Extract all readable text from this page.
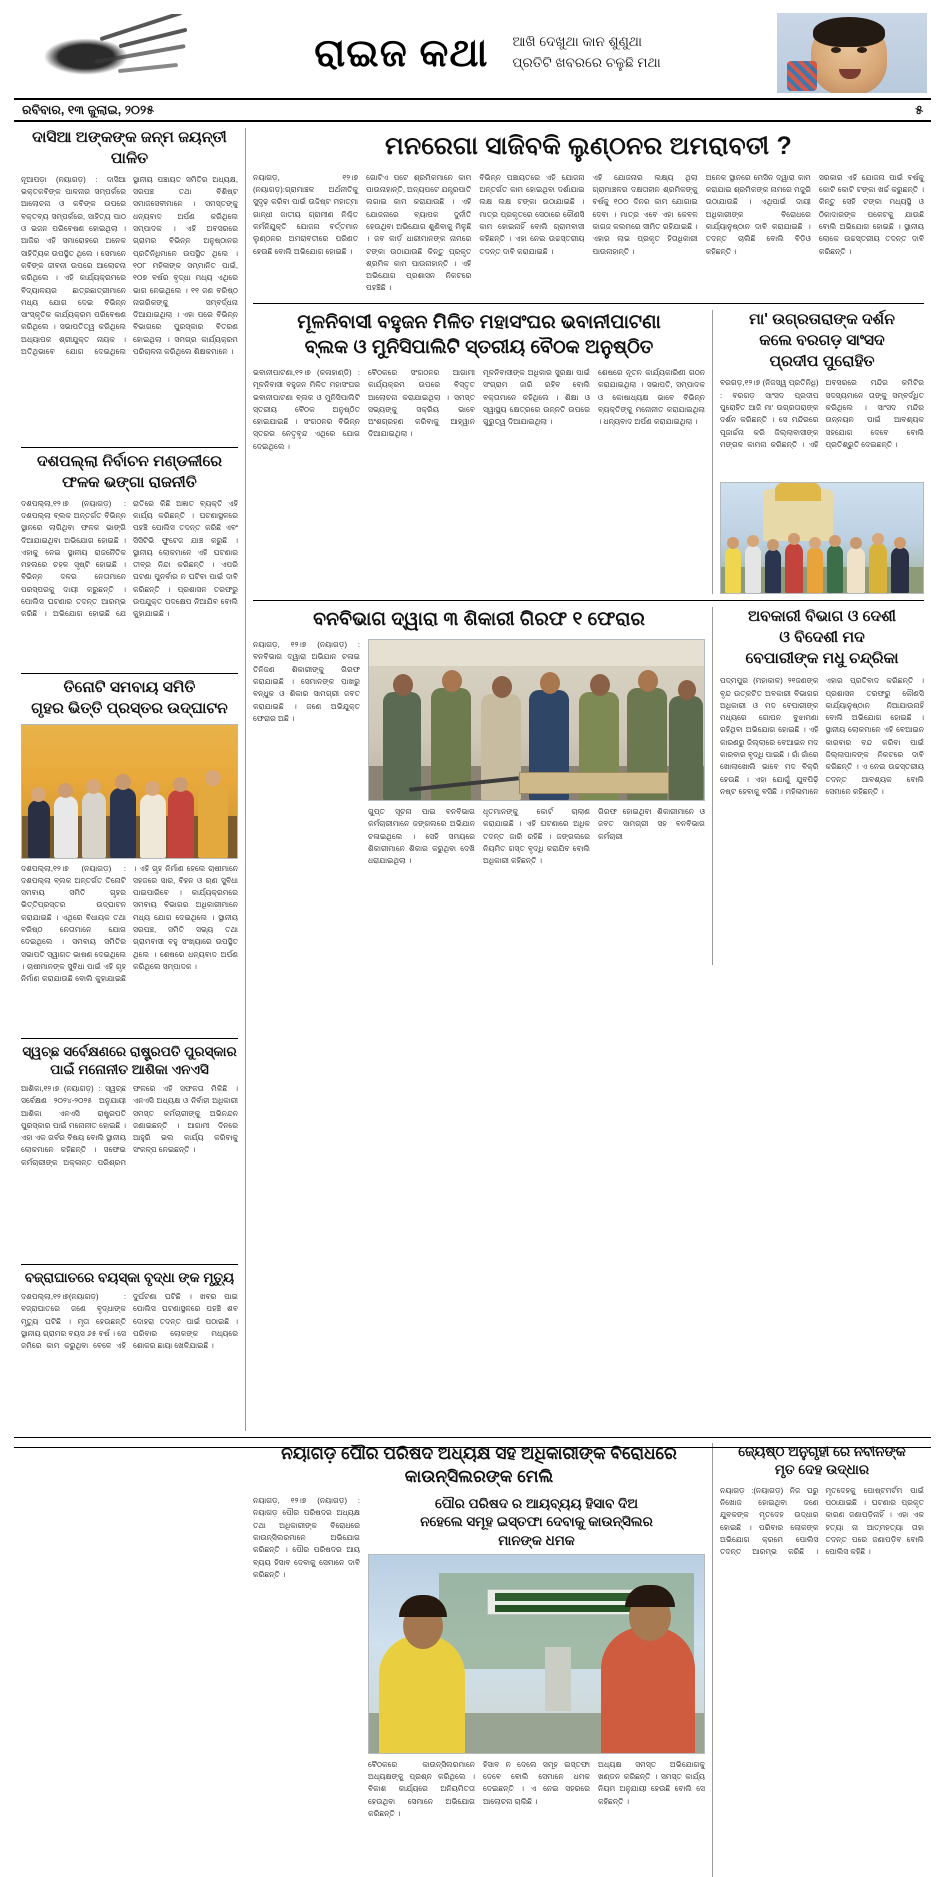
ରାଇଜ କଥା ଆଖି ଦେଖୁଥା କାନ ଶୁଣୁଥା
ପ୍ରତିଟି ଖବରରେ ଚଳୁଛି ମଥା
ରବିବାର, ୧୩ ଜୁଲାଇ, ୨୦୨୫	୫
ଦାସିଆ ଅଙ୍କଙ୍କ ଜନ୍ମ ଜୟନ୍ତୀ ପାଳିତ
ନୂଆପଡ଼ା (ନୟାଗଡ଼) : ଦାସିଆ ଭକ୍ତକବିଙ୍କ ପାଳନାର ସମ୍ପର୍କରେ ଆଲୋଚନା ଓ କବିଙ୍କ ଉପରେ ବକ୍ତବ୍ୟ ସମ୍ପର୍କରେ, ସାହିତ୍ୟ ପାଠ ଓ ଭଜନ ପରିବେଷଣ ହୋଇଥିଲା । ଆଜିର ଏହି ସମାରୋହରେ ଅନେକ ସାହିତ୍ୟିକ ଉପସ୍ଥିତ ଥିଲେ । ସେମାନେ କବିଙ୍କ ଜୀବନୀ ଉପରେ ଆଲୋଚନା କରିଥିଲେ । ଏହି କାର୍ଯ୍ୟକ୍ରମରେ ବିଦ୍ୟାଳୟର ଛାତ୍ରଛାତ୍ରୀମାନେ ମଧ୍ୟ ଯୋଗ ଦେଇ ବିଭିନ୍ନ ସାଂସ୍କୃତିକ କାର୍ଯ୍ୟକ୍ରମ ପରିବେଷଣ କରିଥିଲେ । ସଭାପତିତ୍ୱ କରିଥିଲେ ଅଧ୍ୟାପକ ଶ୍ରୀଯୁକ୍ତ ନାୟକ । ଅତିଥିଭାବେ ଯୋଗ ଦେଇଥିଲେ ସ୍ଥାନୀୟ ପଞ୍ଚାୟତ ସମିତିର ଅଧ୍ୟକ୍ଷ, ସରପଞ୍ଚ ତଥା ବିଶିଷ୍ଟ ସମାଜସେବୀମାନେ । ସମସ୍ତଙ୍କୁ ଧନ୍ୟବାଦ ଅର୍ପଣ କରିଥିଲେ ସମ୍ପାଦକ । ଏହି ଅବସରରେ ଗ୍ରାମର ବିଭିନ୍ନ ଅନୁଷ୍ଠାନର ପ୍ରତିନିଧିମାନେ ଉପସ୍ଥିତ ଥିଲେ । ୧୦୮ ମହିଳାଙ୍କ ସମ୍ମାନିତ ପାଇଁ, ୧୦୭ ବର୍ଷର ବୃଦ୍ଧା ମଧ୍ୟ ଏଥିରେ ଭାଗ ନେଇଥିଲେ । ୧୧ ଜଣ ବରିଷ୍ଠ ନାଗରିକଙ୍କୁ ସମ୍ବର୍ଦ୍ଧନା ଦିଆଯାଇଥିଲା । ଏହା ପରେ ବିଭିନ୍ନ ବିଭାଗରେ ପୁରସ୍କାର ବିତରଣ ହୋଇଥିଲା । ସମଗ୍ର କାର୍ଯ୍ୟକ୍ରମ ପରିଚାଳନା କରିଥିଲେ ଶିକ୍ଷକମାନେ ।
ଦଶପଲ୍ଲା ନିର୍ବାଚନ ମଣ୍ଡଳୀରେ
ଫଳକ ଭଙ୍ଗା ରାଜନୀତି
ଦଶପଲ୍ଲା,୧୨।୭ (ନୟାଗଡ଼) : ଦଶପଲ୍ଲା ବ୍ଲକ ଅନ୍ତର୍ଗତ ବିଭିନ୍ନ ସ୍ଥାନରେ ଲାଗିଥିବା ଫଳକ ଭାଙ୍ଗି ଦିଆଯାଇଥିବା ଅଭିଯୋଗ ହୋଇଛି । ଏହାକୁ ନେଇ ସ୍ଥାନୀୟ ରାଜନୈତିକ ମହଲରେ ଚହଳ ସୃଷ୍ଟି ହୋଇଛି । ବିଭିନ୍ନ ଦଳର ନେତାମାନେ ପରସ୍ପରକୁ ଦାୟୀ କରୁଛନ୍ତି । ପୋଲିସ ଘଟଣାର ତଦନ୍ତ ଆରମ୍ଭ କରିଛି । ଅଭିଯୋଗ ହୋଇଛି ଯେ ରାତିରେ କିଛି ଅଜ୍ଞାତ ବ୍ୟକ୍ତି ଏହି କାର୍ଯ୍ୟ କରିଛନ୍ତି । ଘଟଣାସ୍ଥଳରେ ପହଞ୍ଚି ପୋଲିସ ତଦନ୍ତ କରିଛି ଏବଂ ସିସିଟିଭି ଫୁଟେଜ ଯାଞ୍ଚ କରୁଛି । ସ୍ଥାନୀୟ ଲୋକମାନେ ଏହି ଘଟଣାର ତୀବ୍ର ନିନ୍ଦା କରିଛନ୍ତି । ଏପରି ଘଟଣା ପୁନର୍ବାର ନ ଘଟିବା ପାଇଁ ଦାବି କରିଛନ୍ତି । ପ୍ରଶାସନ ତରଫରୁ ଉପଯୁକ୍ତ ପଦକ୍ଷେପ ନିଆଯିବ ବୋଲି କୁହାଯାଇଛି ।
ତିନୋଟି ସମବାୟ ସମିତି
ଗୃହର ଭିତ୍ତି ପ୍ରସ୍ତର ଉଦ୍‌ଘାଟନ
ଦଶପଲ୍ଲା,୧୨।୭ (ନୟାଗଡ଼) : ଦଶପଲ୍ଲା ବ୍ଲକ ଅନ୍ତର୍ଗତ ତିନୋଟି ସମବାୟ ସମିତି ଗୃହର ଭିତ୍ତିପ୍ରସ୍ତର ଉଦ୍‌ଘାଟନ କରାଯାଇଛି । ଏଥିରେ ବିଧାୟକ ତଥା ବରିଷ୍ଠ ନେତାମାନେ ଯୋଗ ଦେଇଥିଲେ । ସମବାୟ ସମିତିର ସଭାପତି ସ୍ୱାଗତ ଭାଷଣ ଦେଇଥିଲେ । ଚାଷୀମାନଙ୍କ ସୁବିଧା ପାଇଁ ଏହି ଗୃହ ନିର୍ମାଣ କରାଯାଉଛି ବୋଲି କୁହାଯାଇଛି । ଏହି ଗୃହ ନିର୍ମାଣ ହେଲେ ଚାଷୀମାନେ ସହଜରେ ସାର, ବିହନ ଓ ଋଣ ସୁବିଧା ପାଇପାରିବେ । କାର୍ଯ୍ୟକ୍ରମରେ ସମବାୟ ବିଭାଗର ଅଧିକାରୀମାନେ ମଧ୍ୟ ଯୋଗ ଦେଇଥିଲେ । ସ୍ଥାନୀୟ ସରପଞ୍ଚ, ସମିତି ସଭ୍ୟ ତଥା ଗ୍ରାମବାସୀ ବହୁ ସଂଖ୍ୟାରେ ଉପସ୍ଥିତ ଥିଲେ । ଶେଷରେ ଧନ୍ୟବାଦ ଅର୍ପଣ କରିଥିଲେ ସମ୍ପାଦକ ।
ସ୍ୱଚ୍ଛ ସର୍ବେକ୍ଷଣରେ ରାଷ୍ଟ୍ରପତି ପୁରସ୍କାର
ପାଇଁ ମନୋନୀତ ଆଶିକା ଏନଏସି
ଆଶିକା,୧୨।୭ (ନୟାଗଡ଼) : ସ୍ୱଚ୍ଛ ସର୍ବେକ୍ଷଣ ୨୦୨୪-୨୦୨୫ ଅନୁଯାୟୀ ଆଶିକା ଏନଏସି ରାଷ୍ଟ୍ରପତି ପୁରସ୍କାର ପାଇଁ ମନୋନୀତ ହୋଇଛି । ଏହା ଏକ ଗର୍ବର ବିଷୟ ବୋଲି ସ୍ଥାନୀୟ ଲୋକମାନେ କହିଛନ୍ତି । ସଫେଇ କର୍ମଚାରୀଙ୍କ ଅକ୍ଳାନ୍ତ ପରିଶ୍ରମ ଫଳରେ ଏହି ସଫଳତା ମିଳିଛି । ଏନଏସି ଅଧ୍ୟକ୍ଷ ଓ ନିର୍ବାହୀ ଅଧିକାରୀ ସମସ୍ତ କର୍ମଚାରୀଙ୍କୁ ଅଭିନନ୍ଦନ ଜଣାଇଛନ୍ତି । ଆଗାମୀ ଦିନରେ ଆହୁରି ଭଲ କାର୍ଯ୍ୟ କରିବାକୁ ସଂକଳ୍ପ ନେଇଛନ୍ତି ।
ବଜ୍ରାଘାତରେ ବୟସ୍କା ବୃଦ୍ଧା ଙ୍କ ମୃତ୍ୟୁ
ଦଶପଲ୍ଲା,୧୨।୭(ନୟାଗଡ଼) : ବଜ୍ରାଘାତରେ ଜଣେ ବୃଦ୍ଧାଙ୍କ ମୃତ୍ୟୁ ଘଟିଛି । ମୃତା ହେଉଛନ୍ତି ସ୍ଥାନୀୟ ଗ୍ରାମର ବୟସ ୬୫ ବର୍ଷ । ସେ ଜମିରେ କାମ କରୁଥିବା ବେଳେ ଏହି ଦୁର୍ଘଟଣା ଘଟିଛି । ଖବର ପାଇ ପୋଲିସ ଘଟଣାସ୍ଥଳରେ ପହଞ୍ଚି ଶବ ଦୋହରା ତଦନ୍ତ ପାଇଁ ପଠାଇଛି । ପରିବାର ଲୋକଙ୍କ ମଧ୍ୟରେ ଶୋକର ଛାୟା ଖେଳିଯାଇଛି ।
ମନରେଗା ସାଜିବକି ଲୁଣ୍ଠନର ଅମରାବତୀ ?
ନୟାଗଡ଼, ୧୨।୭ (ନୟାଗଡ଼):ଗ୍ରାମାଞ୍ଚଳ ଅର୍ଥନୀତିକୁ ସୁଦୃଢ଼ କରିବା ପାଇଁ ଉଦ୍ଦିଷ୍ଟ ମହାତ୍ମା ଗାନ୍ଧୀ ଜାତୀୟ ଗ୍ରାମୀଣ ନିଶ୍ଚିତ କର୍ମନିଯୁକ୍ତି ଯୋଜନା ବର୍ତ୍ତମାନ ଲୁଣ୍ଠନର ଅମରାବତୀରେ ପରିଣତ ହେଉଛି ବୋଲି ଅଭିଯୋଗ ହୋଇଛି ।
ଗୋଟିଏ ପଟେ ଶ୍ରମିକମାନେ କାମ ପାଉନାହାନ୍ତି, ଅନ୍ୟପଟେ ଯନ୍ତ୍ରପାତି ଲଗାଇ କାମ କରାଯାଉଛି । ଏହି ଯୋଜନାରେ ବ୍ୟାପକ ଦୁର୍ନୀତି ହେଉଥିବା ଅଭିଯୋଗ ଶୁଣିବାକୁ ମିଳୁଛି । ଜବ କାର୍ଡ଼ ଧାରୀମାନଙ୍କ ନାମରେ ଟଙ୍କା ଉଠାଯାଉଛି କିନ୍ତୁ ପ୍ରକୃତ ଶ୍ରମିକ କାମ ପାଉନାହାନ୍ତି । ଏହି ଅଭିଯୋଗ ପ୍ରଶାସନ ନିକଟରେ ପହଞ୍ଚିଛି ।
ବିଭିନ୍ନ ପଞ୍ଚାୟତରେ ଏହି ଯୋଜନା ଅନ୍ତର୍ଗତ କାମ ହୋଇଥିବା ଦର୍ଶାଯାଇ ଲକ୍ଷ ଲକ୍ଷ ଟଙ୍କା ଉଠାଯାଇଛି । ମାତ୍ର ପ୍ରକୃତରେ ସେଠାରେ କୌଣସି କାମ ହୋଇନାହିଁ ବୋଲି ଗ୍ରାମବାସୀ କହିଛନ୍ତି । ଏହା ନେଇ ଉଚ୍ଚସ୍ତରୀୟ ତଦନ୍ତ ଦାବି କରାଯାଇଛି ।
ଏହି ଯୋଜନାର ଲକ୍ଷ୍ୟ ଥିଲା ଗ୍ରାମାଞ୍ଚଳର ଦକ୍ଷତାହୀନ ଶ୍ରମିକଙ୍କୁ ବର୍ଷକୁ ୧୦୦ ଦିନର କାମ ଯୋଗାଇ ଦେବା । ମାତ୍ର ଏବେ ଏହା କେବଳ କାଗଜ କଲମରେ ସୀମିତ ରହିଯାଇଛି । ଏହାର ଲାଭ ପ୍ରକୃତ ହିତାଧିକାରୀ ପାଉନାହାନ୍ତି ।
ଅନେକ ସ୍ଥାନରେ ମେସିନ ଦ୍ୱାରା କାମ କରାଯାଇ ଶ୍ରମିକଙ୍କ ନାମରେ ମଜୁରି ଉଠାଯାଉଛି । ଏଥିପାଇଁ ଦାୟୀ ଅଧିକାରୀଙ୍କ ବିରୋଧରେ କାର୍ଯ୍ୟାନୁଷ୍ଠାନ ଦାବି କରାଯାଇଛି । ତଦନ୍ତ ଚାଲିଛି ବୋଲି ବିଡ଼ିଓ କହିଛନ୍ତି ।
ସରକାର ଏହି ଯୋଜନା ପାଇଁ ବର୍ଷକୁ କୋଟି କୋଟି ଟଙ୍କା ଖର୍ଚ୍ଚ କରୁଛନ୍ତି । କିନ୍ତୁ ସେହି ଟଙ୍କା ମଧ୍ୟସ୍ଥି ଓ ଠିକାଦାରଙ୍କ ପକେଟକୁ ଯାଉଛି ବୋଲି ଅଭିଯୋଗ ହୋଇଛି । ସ୍ଥାନୀୟ ଲୋକେ ଉଚ୍ଚସ୍ତରୀୟ ତଦନ୍ତ ଦାବି କରିଛନ୍ତି ।
ମୂଳନିବାସୀ ବହୁଜନ ମିଳିତ ମହାସଂଘର ଭବାନୀପାଟଣା
ବ୍ଲକ ଓ ମୁନିସିପାଲିଟି ସ୍ତରୀୟ ବୈଠକ ଅନୁଷ୍ଠିତ
ଭବାନୀପାଟଣା,୧୨।୭ (କଳାହାଣ୍ଡି) : ମୂଳନିବାସୀ ବହୁଜନ ମିଳିତ ମହାସଂଘର ଭବାନୀପାଟଣା ବ୍ଲକ ଓ ମୁନିସିପାଲିଟି ସ୍ତରୀୟ ବୈଠକ ଅନୁଷ୍ଠିତ ହୋଇଯାଇଛି । ସଂଗଠନର ବିଭିନ୍ନ ସ୍ତରର ନେତୃବୃନ୍ଦ ଏଥିରେ ଯୋଗ ଦେଇଥିଲେ ।
ବୈଠକରେ ସଂଗଠନର ଆଗାମୀ କାର୍ଯ୍ୟକ୍ରମ ଉପରେ ବିସ୍ତୃତ ଆଲୋଚନା କରାଯାଇଥିଲା । ସମସ୍ତ ସଭ୍ୟଙ୍କୁ ସକ୍ରିୟ ଭାବେ ଅଂଶଗ୍ରହଣ କରିବାକୁ ଆହ୍ୱାନ ଦିଆଯାଇଥିଲା ।
ମୂଳନିବାସୀଙ୍କ ଅଧିକାର ସୁରକ୍ଷା ପାଇଁ ସଂଗ୍ରାମ ଜାରି ରହିବ ବୋଲି ବକ୍ତାମାନେ କହିଥିଲେ । ଶିକ୍ଷା ଓ ସ୍ୱାସ୍ଥ୍ୟ କ୍ଷେତ୍ରରେ ଉନ୍ନତି ଉପରେ ଗୁରୁତ୍ୱ ଦିଆଯାଇଥିଲା ।
ଶେଷରେ ନୂତନ କାର୍ଯ୍ୟକାରିଣୀ ଗଠନ କରାଯାଇଥିଲା । ସଭାପତି, ସମ୍ପାଦକ ଓ କୋଷାଧ୍ୟକ୍ଷ ଭାବେ ବିଭିନ୍ନ ବ୍ୟକ୍ତିଙ୍କୁ ମନୋନୀତ କରାଯାଇଥିଲା । ଧନ୍ୟବାଦ ଅର୍ପଣ କରାଯାଇଥିଲା ।
ମା' ଉଗ୍ରତାରାଙ୍କ ଦର୍ଶନ
କଲେ ବରଗଡ଼ ସାଂସଦ
ପ୍ରଦୀପ ପୁରୋହିତ
ବରଗଡ଼,୧୨।୭ (ନିଜସ୍ୱ ପ୍ରତିନିଧି) : ବରଗଡ଼ ସାଂସଦ ପ୍ରଦୀପ ପୁରୋହିତ ଆଜି ମା' ଉଗ୍ରତାରାଙ୍କ ଦର୍ଶନ କରିଛନ୍ତି । ସେ ମନ୍ଦିରରେ ପୂଜାର୍ଚ୍ଚନା କରି ଜିଲ୍ଲାବାସୀଙ୍କ ମଙ୍ଗଳ କାମନା କରିଛନ୍ତି । ଏହି ଅବସରରେ ମନ୍ଦିର କମିଟିର ସଦସ୍ୟମାନେ ତାଙ୍କୁ ସମ୍ବର୍ଦ୍ଧିତ କରିଥିଲେ । ସାଂସଦ ମନ୍ଦିର ଉନ୍ନୟନ ପାଇଁ ଆବଶ୍ୟକ ସହଯୋଗ ଦେବେ ବୋଲି ପ୍ରତିଶ୍ରୁତି ଦେଇଛନ୍ତି ।
ବନବିଭାଗ ଦ୍ୱାରା ୩ ଶିକାରୀ ଗିରଫ ୧ ଫେରାର
ନୟାଗଡ଼, ୧୨।୭ (ନୟାଗଡ଼) : ବନବିଭାଗ ଦ୍ୱାରା ଅଭିଯାନ ଚଳାଇ ତିନିଜଣ ଶିକାରୀଙ୍କୁ ଗିରଫ କରାଯାଇଛି । ସେମାନଙ୍କ ପାଖରୁ ବନ୍ଧୁକ ଓ ଶିକାର ସାମଗ୍ରୀ ଜବତ କରାଯାଇଛି । ଜଣେ ଅଭିଯୁକ୍ତ ଫେରାର ଅଛି ।
ଗୁପ୍ତ ସୂଚନା ପାଇ ବନବିଭାଗ କର୍ମଚାରୀମାନେ ଜଙ୍ଗଲରେ ଅଭିଯାନ ଚଳାଇଥିଲେ । ସେହି ସମୟରେ ଶିକାରୀମାନେ ଶିକାର କରୁଥିବା ଦେଖି ଧରାଯାଇଥିଲା ।
ଧୃତମାନଙ୍କୁ କୋର୍ଟ ଚାଲାଣ କରାଯାଇଛି । ଏହି ଘଟଣାରେ ଅଧିକ ତଦନ୍ତ ଜାରି ରହିଛି । ଜଙ୍ଗଲରେ ନିୟମିତ ଗସ୍ତ ବୃଦ୍ଧି କରାଯିବ ବୋଲି ଅଧିକାରୀ କହିଛନ୍ତି ।
ଗିରଫ ହୋଇଥିବା ଶିକାରୀମାନେ ଓ ଜବତ ସାମଗ୍ରୀ ସହ ବନବିଭାଗ କର୍ମଚାରୀ
ଅବକାରୀ ବିଭାଗ ଓ ଦେଶୀ
ଓ ବିଦେଶୀ ମଦ
ବେପାରୀଙ୍କ ମଧୁ ଚନ୍ଦ୍ରିକା
ପଦ୍ମପୁର (ମହାକାଳ) ୨୧ଜଣଙ୍କ ବୃନ୍ଦ ଉତ୍କଟିତ ଅବକାରୀ ବିଭାଗର ଅଧିକାରୀ ଓ ମଦ ବେପାରୀଙ୍କ ମଧ୍ୟରେ ଗୋପନ ବୁଝାମଣା ରହିଥିବା ଅଭିଯୋଗ ହୋଇଛି । ଏହି କାରଣରୁ ଜିଲ୍ଲାରେ ବେଆଇନ ମଦ କାରବାର ବୃଦ୍ଧି ପାଇଛି । ଗାଁ ଗାଁରେ ଖୋଲାଖୋଲି ଭାବେ ମଦ ବିକ୍ରି ହେଉଛି । ଏହା ଯୋଗୁଁ ଯୁବପିଢ଼ି ନଷ୍ଟ ହେବାକୁ ବସିଛି । ମହିଳାମାନେ ଏହାର ପ୍ରତିବାଦ କରିଛନ୍ତି । ପ୍ରଶାସନ ତରଫରୁ କୌଣସି କାର୍ଯ୍ୟାନୁଷ୍ଠାନ ନିଆଯାଉନାହିଁ ବୋଲି ଅଭିଯୋଗ ହୋଇଛି । ସ୍ଥାନୀୟ ଲୋକମାନେ ଏହି ବେଆଇନ କାରବାର ବନ୍ଦ କରିବା ପାଇଁ ଜିଲ୍ଲାପାଳଙ୍କ ନିକଟରେ ଦାବି କରିଛନ୍ତି । ଏ ନେଇ ଉଚ୍ଚସ୍ତରୀୟ ତଦନ୍ତ ଆବଶ୍ୟକ ବୋଲି ସେମାନେ କହିଛନ୍ତି ।
ନୟାଗଡ଼ ପୌର ପରିଷଦ ଅଧ୍ୟକ୍ଷ ସହ ଅଧିକାରୀଙ୍କ ବିରୋଧରେ କାଉନ୍‌ସିଲରଙ୍କ ମେଲି
ନୟାଗଡ଼, ୧୨।୭ (ନୟାଗଡ଼) : ନୟାଗଡ଼ ପୌର ପରିଷଦର ଅଧ୍ୟକ୍ଷ ତଥା ଅଧିକାରୀଙ୍କ ବିରୋଧରେ କାଉନ୍‌ସିଲରମାନେ ଅଭିଯୋଗ କରିଛନ୍ତି । ପୌର ପରିଷଦର ଆୟ ବ୍ୟୟ ହିସାବ ଦେବାକୁ ସେମାନେ ଦାବି କରିଛନ୍ତି ।
ପୌର ପରିଷଦ ର ଆୟବ୍ୟୟ ହିସାବ ଦିଅ
ନହେଲେ ସମୂହ ଇସ୍ତଫା ଦେବାକୁ କାଉନ୍‌ସିଲର
ମାନଙ୍କ ଧମକ
ବୈଠକରେ କାଉନ୍‌ସିଲରମାନେ ଅଧ୍ୟକ୍ଷଙ୍କୁ ପ୍ରଶ୍ନ କରିଥିଲେ । ବିକାଶ କାର୍ଯ୍ୟରେ ଅନିୟମିତତା ହେଉଥିବା ସେମାନେ ଅଭିଯୋଗ କରିଛନ୍ତି ।
ହିସାବ ନ ଦେଲେ ସମୂହ ଇସ୍ତଫା ଦେବେ ବୋଲି ସେମାନେ ଧମକ ଦେଇଛନ୍ତି । ଏ ନେଇ ସହରରେ ଆଲୋଚନା ଚାଲିଛି ।
ଅଧ୍ୟକ୍ଷ ସମସ୍ତ ଅଭିଯୋଗକୁ ଖଣ୍ଡନ କରିଛନ୍ତି । ସମସ୍ତ କାର୍ଯ୍ୟ ନିୟମ ଅନୁଯାୟୀ ହେଉଛି ବୋଲି ସେ କହିଛନ୍ତି ।
ଜ୍ୟେଷ୍ଠ ଅନୁଗୃହୀ ରେ ନବୀନଙ୍କ
ମୃତ ଦେହ ଉଦ୍ଧାର
ନୟାଗଡ଼ :(ନୟାଗଡ଼) ନିଜ ଘରୁ ନିଖୋଜ ହୋଇଥିବା ଜଣେ ଯୁବକଙ୍କ ମୃତଦେହ ଉଦ୍ଧାର ହୋଇଛି । ପରିବାର ଲୋକଙ୍କ ଅଭିଯୋଗ କ୍ରମେ ପୋଲିସ ତଦନ୍ତ ଆରମ୍ଭ କରିଛି । ମୃତଦେହକୁ ପୋଷ୍ଟମର୍ଟମ ପାଇଁ ପଠାଯାଇଛି । ଘଟଣାର ପ୍ରକୃତ କାରଣ ଜଣାପଡ଼ିନାହିଁ । ଏହା ଏକ ହତ୍ୟା ନା ଆତ୍ମହତ୍ୟା ତାହା ତଦନ୍ତ ପରେ ଜଣାପଡ଼ିବ ବୋଲି ପୋଲିସ କହିଛି ।
